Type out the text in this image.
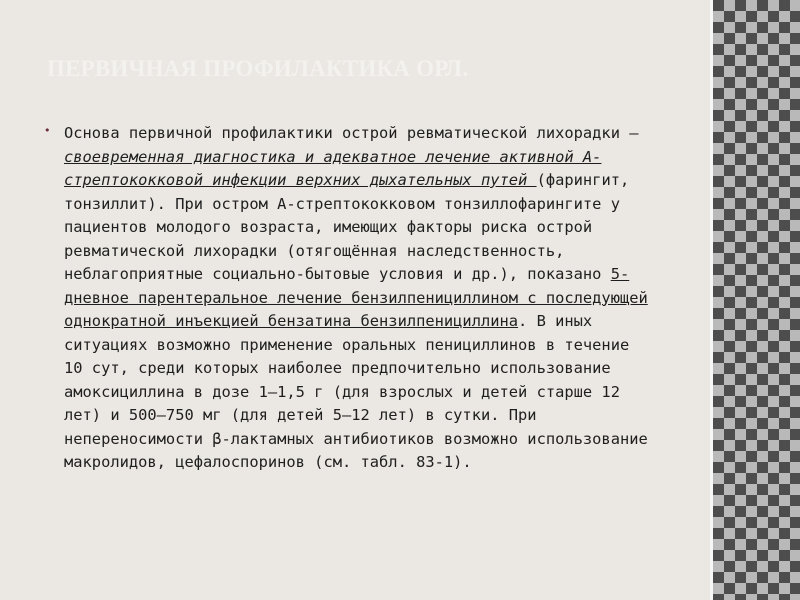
ПЕРВИЧНАЯ ПРОФИЛАКТИКА ОРЛ.
• Основа первичной профилактики острой ревматической лихорадки — своевременная диагностика и адекватное лечение активной А-стрептококковой инфекции верхних дыхательных путей (фарингит, тонзиллит). При остром А-стрептококковом тонзиллофарингите у пациентов молодого возраста, имеющих факторы риска острой ревматической лихорадки (отягощённая наследственность, неблагоприятные социально-бытовые условия и др.), показано 5-дневное парентеральное лечение бензилпенициллином с последующей однократной инъекцией бензатина бензилпенициллина. В иных ситуациях возможно применение оральных пенициллинов в течение 10 сут, среди которых наиболее предпочительно использование амоксициллина в дозе 1–1,5 г (для взрослых и детей старше 12 лет) и 500–750 мг (для детей 5–12 лет) в сутки. При непереносимости β-лактамных антибиотиков возможно использование макролидов, цефалоспоринов (см. табл. 83-1).
